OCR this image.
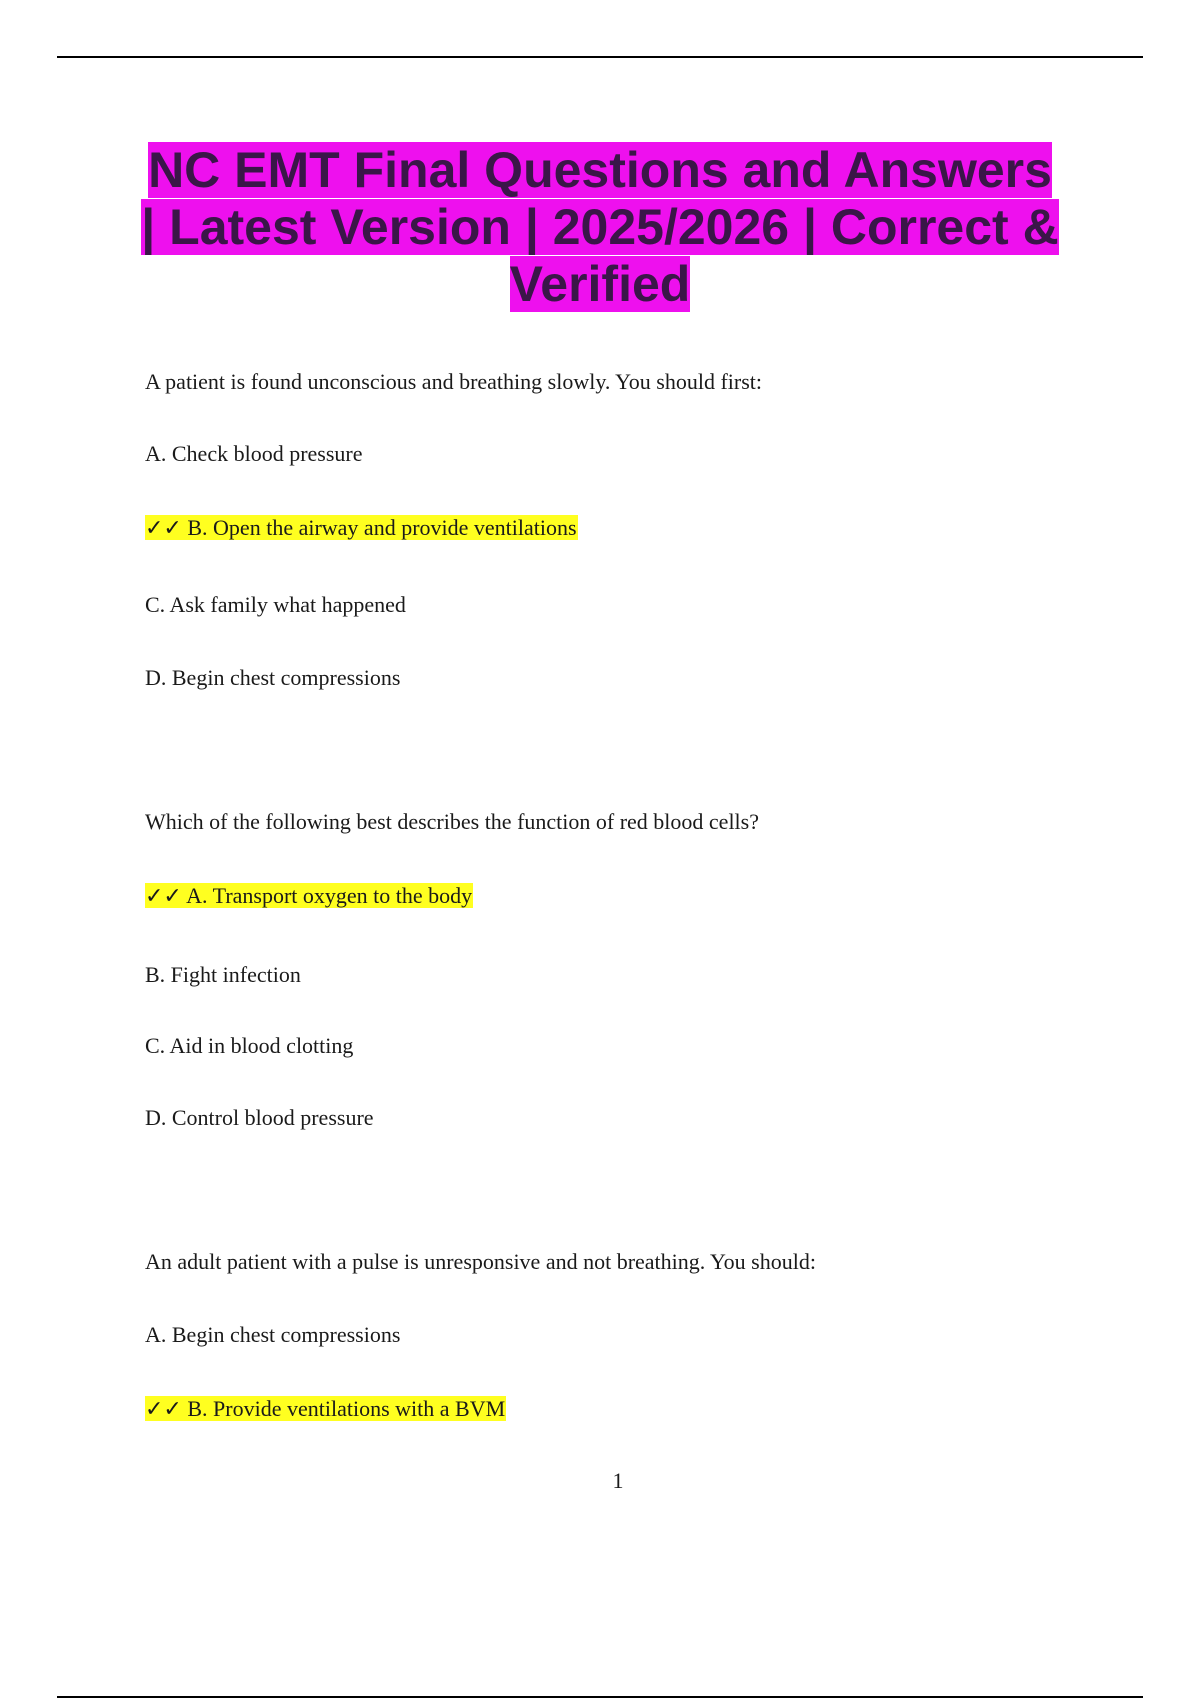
NC EMT Final Questions and Answers | Latest Version | 2025/2026 | Correct & Verified
A patient is found unconscious and breathing slowly. You should first:
A. Check blood pressure
✓✓ B. Open the airway and provide ventilations
C. Ask family what happened
D. Begin chest compressions
Which of the following best describes the function of red blood cells?
✓✓ A. Transport oxygen to the body
B. Fight infection
C. Aid in blood clotting
D. Control blood pressure
An adult patient with a pulse is unresponsive and not breathing. You should:
A. Begin chest compressions
✓✓ B. Provide ventilations with a BVM
1
